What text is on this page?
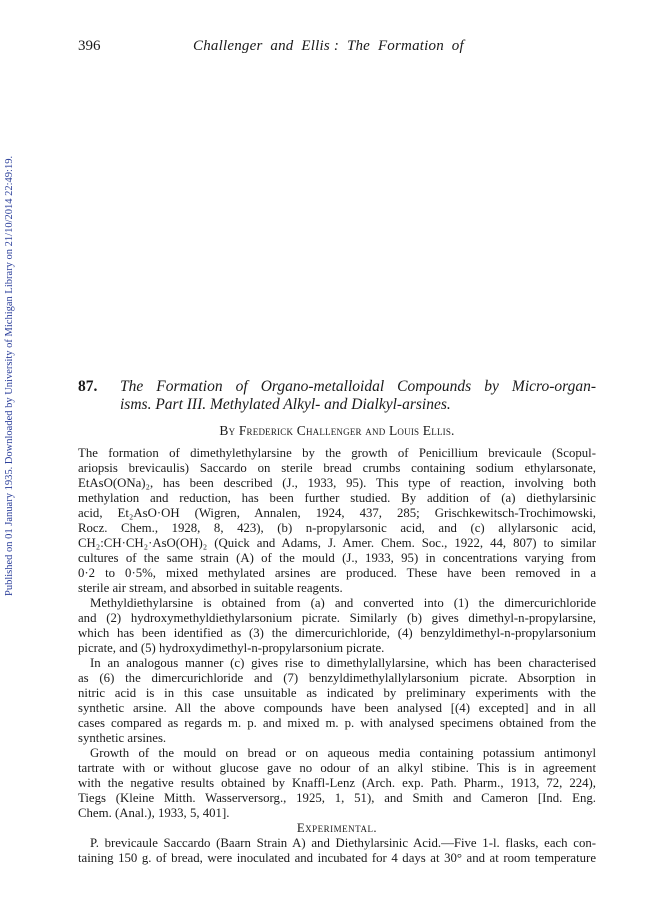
396	Challenger  and  Ellis :  The  Formation  of
Published on 01 January 1935. Downloaded by University of Michigan Library on 21/10/2014 22:49:19.	87. The Formation of Organo-metalloidal Compounds by Micro-organ-
isms. Part III. Methylated Alkyl- and Dialkyl-arsines.
By Frederick Challenger and Louis Ellis.
The formation of dimethylethylarsine by the growth of Penicillium brevicaule (Scopul-
ariopsis brevicaulis) Saccardo on sterile bread crumbs containing sodium ethylarsonate,
EtAsO(ONa)₂, has been described (J., 1933, 95). This type of reaction, involving both
methylation and reduction, has been further studied. By addition of (a) diethylarsinic
acid, Et₂AsO·OH (Wigren, Annalen, 1924, 437, 285; Grischkewitsch-Trochimowski,
Rocz. Chem., 1928, 8, 423), (b) n-propylarsonic acid, and (c) allylarsonic acid,
CH₂:CH·CH₂·AsO(OH)₂ (Quick and Adams, J. Amer. Chem. Soc., 1922, 44, 807) to similar
cultures of the same strain (A) of the mould (J., 1933, 95) in concentrations varying from
0·2 to 0·5%, mixed methylated arsines are produced. These have been removed in a
sterile air stream, and absorbed in suitable reagents.
Methyldiethylarsine is obtained from (a) and converted into (1) the dimercurichloride
and (2) hydroxymethyldiethylarsonium picrate. Similarly (b) gives dimethyl-n-propylarsine,
which has been identified as (3) the dimercurichloride, (4) benzyldimethyl-n-propylarsonium
picrate, and (5) hydroxydimethyl-n-propylarsonium picrate.
In an analogous manner (c) gives rise to dimethylallylarsine, which has been characterised
as (6) the dimercurichloride and (7) benzyldimethylallylarsonium picrate. Absorption in
nitric acid is in this case unsuitable as indicated by preliminary experiments with the
synthetic arsine. All the above compounds have been analysed [(4) excepted] and in all
cases compared as regards m. p. and mixed m. p. with analysed specimens obtained from the
synthetic arsines.
Growth of the mould on bread or on aqueous media containing potassium antimonyl
tartrate with or without glucose gave no odour of an alkyl stibine. This is in agreement
with the negative results obtained by Knaffl-Lenz (Arch. exp. Path. Pharm., 1913, 72, 224),
Tiegs (Kleine Mitth. Wasserversorg., 1925, 1, 51), and Smith and Cameron [Ind. Eng.
Chem. (Anal.), 1933, 5, 401].
Experimental.
P. brevicaule Saccardo (Baarn Strain A) and Diethylarsinic Acid.—Five 1-l. flasks, each con-
taining 150 g. of bread, were inoculated and incubated for 4 days at 30° and at room temperature
